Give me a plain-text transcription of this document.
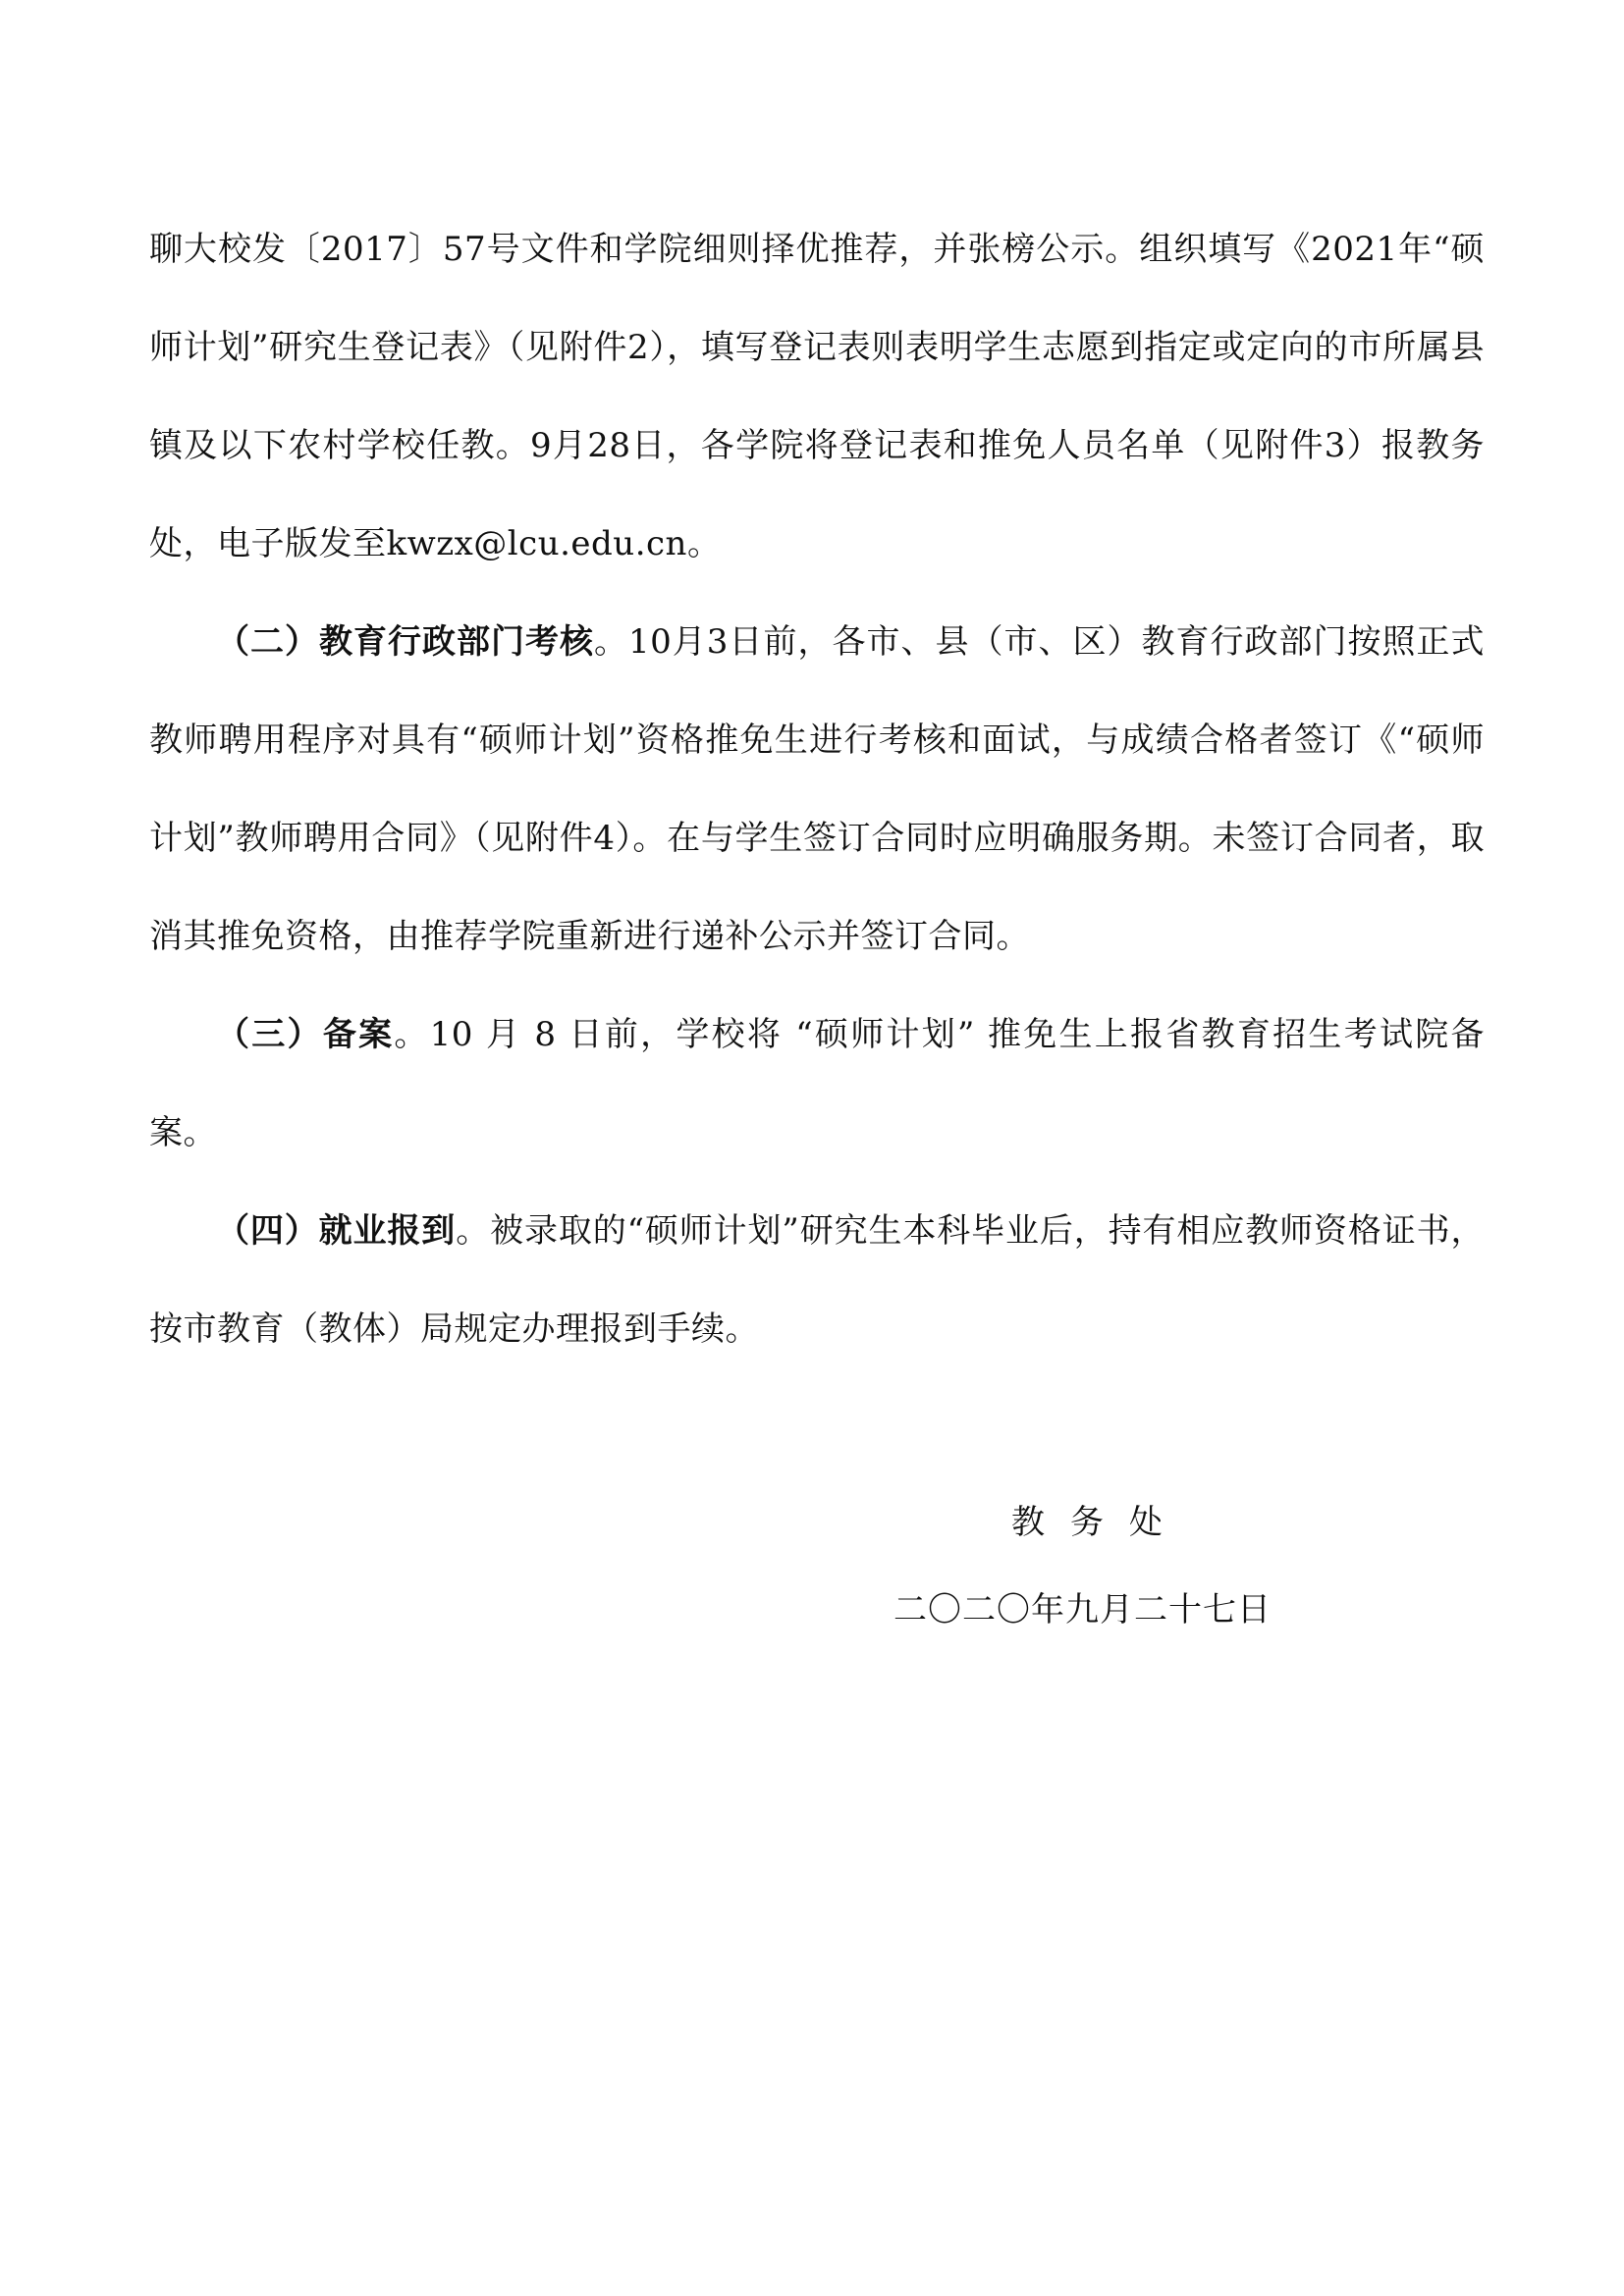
聊大校发〔2017〕57号文件和学院细则择优推荐，并张榜公示。组织填写《2021年“硕师计划”研究生登记表》（见附件2），填写登记表则表明学生志愿到指定或定向的市所属县镇及以下农村学校任教。9月28日，各学院将登记表和推免人员名单（见附件3）报教务处，电子版发至kwzx@lcu.edu.cn。

（二）教育行政部门考核。10月3日前，各市、县（市、区）教育行政部门按照正式教师聘用程序对具有“硕师计划”资格推免生进行考核和面试，与成绩合格者签订《“硕师计划”教师聘用合同》（见附件4）。在与学生签订合同时应明确服务期。未签订合同者，取消其推免资格，由推荐学院重新进行递补公示并签订合同。

（三）备案。10 月 8 日前，学校将 “硕师计划” 推免生上报省教育招生考试院备案。

（四）就业报到。被录取的“硕师计划”研究生本科毕业后，持有相应教师资格证书，按市教育（教体）局规定办理报到手续。

教务处
二〇二〇年九月二十七日
